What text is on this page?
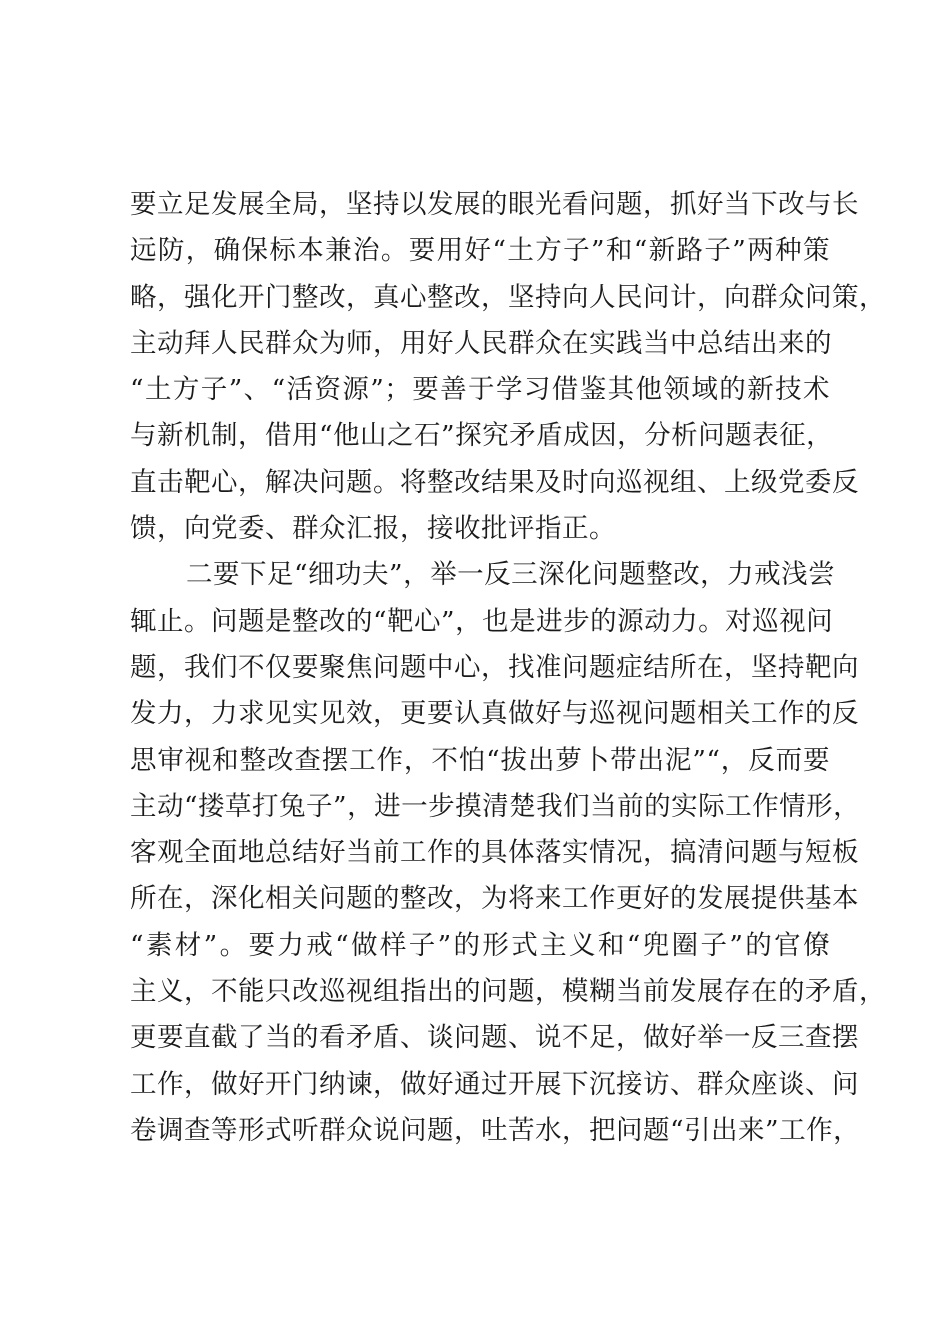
要立足发展全局，坚持以发展的眼光看问题，抓好当下改与长
远防，确保标本兼治。要用好“土方子”和“新路子”两种策
略，强化开门整改，真心整改，坚持向人民问计，向群众问策，
主动拜人民群众为师，用好人民群众在实践当中总结出来的
“土方子”、“活资源”；要善于学习借鉴其他领域的新技术
与新机制，借用“他山之石”探究矛盾成因，分析问题表征，
直击靶心，解决问题。将整改结果及时向巡视组、上级党委反
馈，向党委、群众汇报，接收批评指正。
二要下足“细功夫”，举一反三深化问题整改，力戒浅尝
辄止。问题是整改的“靶心”，也是进步的源动力。对巡视问
题，我们不仅要聚焦问题中心，找准问题症结所在，坚持靶向
发力，力求见实见效，更要认真做好与巡视问题相关工作的反
思审视和整改查摆工作，不怕“拔出萝卜带出泥”“，反而要
主动“搂草打兔子”，进一步摸清楚我们当前的实际工作情形，
客观全面地总结好当前工作的具体落实情况，搞清问题与短板
所在，深化相关问题的整改，为将来工作更好的发展提供基本
“素材”。要力戒“做样子”的形式主义和“兜圈子”的官僚
主义，不能只改巡视组指出的问题，模糊当前发展存在的矛盾，
更要直截了当的看矛盾、谈问题、说不足，做好举一反三查摆
工作，做好开门纳谏，做好通过开展下沉接访、群众座谈、问
卷调查等形式听群众说问题，吐苦水，把问题“引出来”工作，
